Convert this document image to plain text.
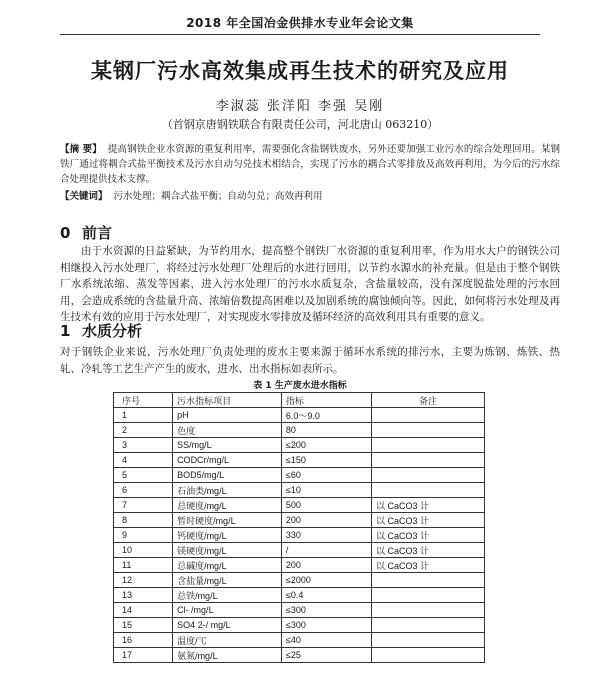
2018 年全国冶金供排水专业年会论文集
某钢厂污水高效集成再生技术的研究及应用
李淑蕊 张洋阳 李强 吴刚
（首钢京唐钢铁联合有限责任公司，河北唐山 063210）
【摘 要】 提高钢铁企业水资源的重复利用率，需要强化含盐钢铁废水，另外还要加强工业污水的综合处理回用。某钢铁厂通过将耦合式盐平衡技术及污水自动匀兑技术相结合，实现了污水的耦合式零排放及高效再利用，为今后的污水综合处理提供技术支撑。
【关键词】 污水处理；耦合式盐平衡；自动匀兑；高效再利用
0 前言
由于水资源的日益紧缺，为节约用水，提高整个钢铁厂水资源的重复利用率，作为用水大户的钢铁公司相继投入污水处理厂，将经过污水处理厂处理后的水进行回用，以节约水源水的补充量。但是由于整个钢铁厂水系统浓缩、蒸发等因素，进入污水处理厂的污水水质复杂，含盐量较高，没有深度脱盐处理的污水回用，会造成系统的含盐量升高、浓缩倍数提高困难以及加剧系统的腐蚀倾向等。因此，如何将污水处理及再生技术有效的应用于污水处理厂，对实现废水零排放及循环经济的高效利用具有重要的意义。
1 水质分析
对于钢铁企业来说，污水处理厂负责处理的废水主要来源于循环水系统的排污水，主要为炼钢、炼铁、热轧、冷轧等工艺生产产生的废水，进水、出水指标如表所示。
表 1 生产废水进水指标
序号	污水指标项目	指标	备注
1	pH	6.0～9.0	
2	色度	80	
3	SS/mg/L	≤200	
4	CODCr/mg/L	≤150	
5	BOD5/mg/L	≤60	
6	石油类/mg/L	≤10	
7	总硬度/mg/L	500	以 CaCO3 计
8	暂时硬度/mg/L	200	以 CaCO3 计
9	钙硬度/mg/L	330	以 CaCO3 计
10	镁硬度/mg/L	/	以 CaCO3 计
11	总碱度/mg/L	200	以 CaCO3 计
12	含盐量/mg/L	≤2000	
13	总铁/mg/L	≤0.4	
14	Cl- /mg/L	≤300	
15	SO4 2-/ mg/L	≤300	
16	温度/℃	≤40	
17	氨氮/mg/L	≤25	
